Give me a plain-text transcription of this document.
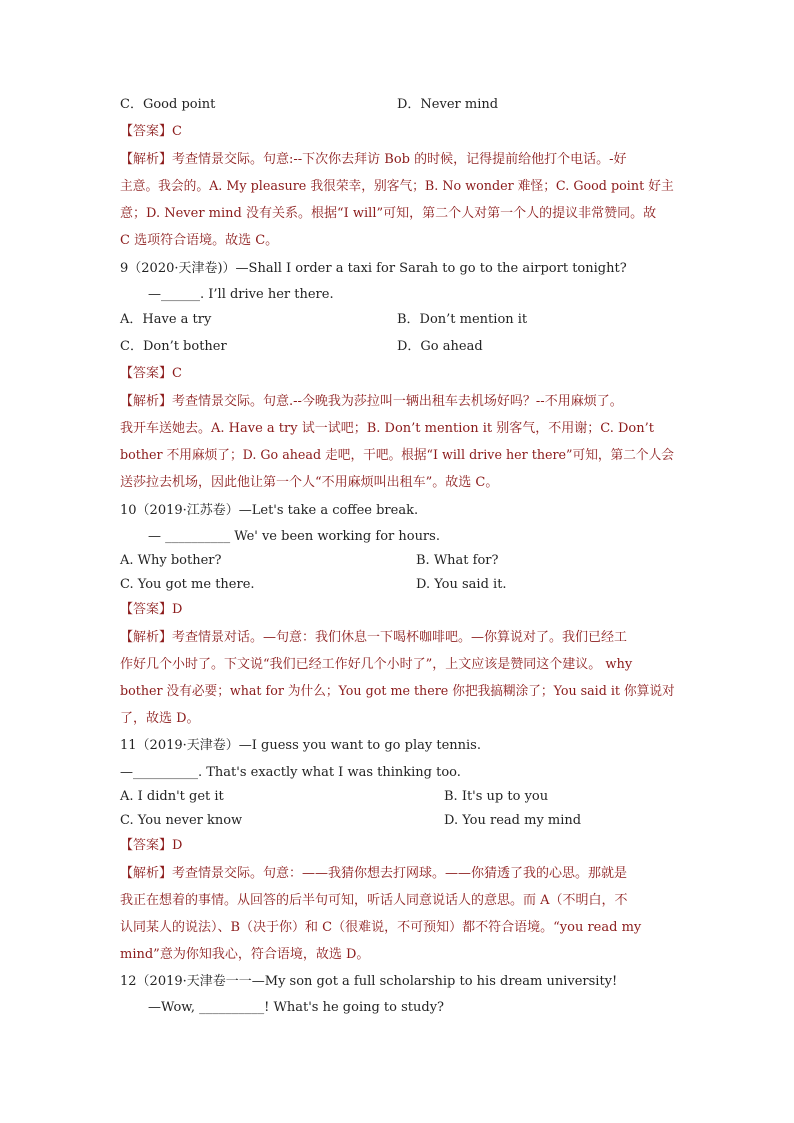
C．Good point	D．Never mind
【答案】C
【解析】考查情景交际。句意:--下次你去拜访 Bob 的时候，记得提前给他打个电话。-好
主意。我会的。A. My pleasure 我很荣幸，别客气；B. No wonder 难怪；C. Good point 好主
意；D. Never mind 没有关系。根据“I will”可知，第二个人对第一个人的提议非常赞同。故
C 选项符合语境。故选 C。
9（2020·天津卷)）—Shall I order a taxi for Sarah to go to the airport tonight?
—______. I’ll drive her there.
A．Have a try	B．Don’t mention it
C．Don’t bother	D．Go ahead
【答案】C
【解析】考查情景交际。句意.--今晚我为莎拉叫一辆出租车去机场好吗？--不用麻烦了。
我开车送她去。A. Have a try 试一试吧；B. Don’t mention it 别客气，不用谢；C. Don’t
bother 不用麻烦了；D. Go ahead 走吧，干吧。根据“I will drive her there”可知，第二个人会
送莎拉去机场，因此他让第一个人“不用麻烦叫出租车”。故选 C。
10（2019·江苏卷）—Let's take a coffee break.
— __________ We' ve been working for hours.
A. Why bother?	B. What for?
C. You got me there.	D. You said it.
【答案】D
【解析】考查情景对话。—句意：我们休息一下喝杯咖啡吧。—你算说对了。我们已经工
作好几个小时了。下文说“我们已经工作好几个小时了”，上文应该是赞同这个建议。 why
bother 没有必要；what for 为什么；You got me there 你把我搞糊涂了；You said it 你算说对
了，故选 D。
11（2019·天津卷）—I guess you want to go play tennis.
—__________. That's exactly what I was thinking too.
A. I didn't get it	B. It's up to you
C. You never know	D. You read my mind
【答案】D
【解析】考查情景交际。句意：——我猜你想去打网球。——你猜透了我的心思。那就是
我正在想着的事情。从回答的后半句可知，听话人同意说话人的意思。而 A（不明白，不
认同某人的说法）、B（决于你）和 C（很难说，不可预知）都不符合语境。“you read my
mind”意为你知我心，符合语境，故选 D。
12（2019·天津卷一一—My son got a full scholarship to his dream university!
—Wow, __________! What's he going to study?
